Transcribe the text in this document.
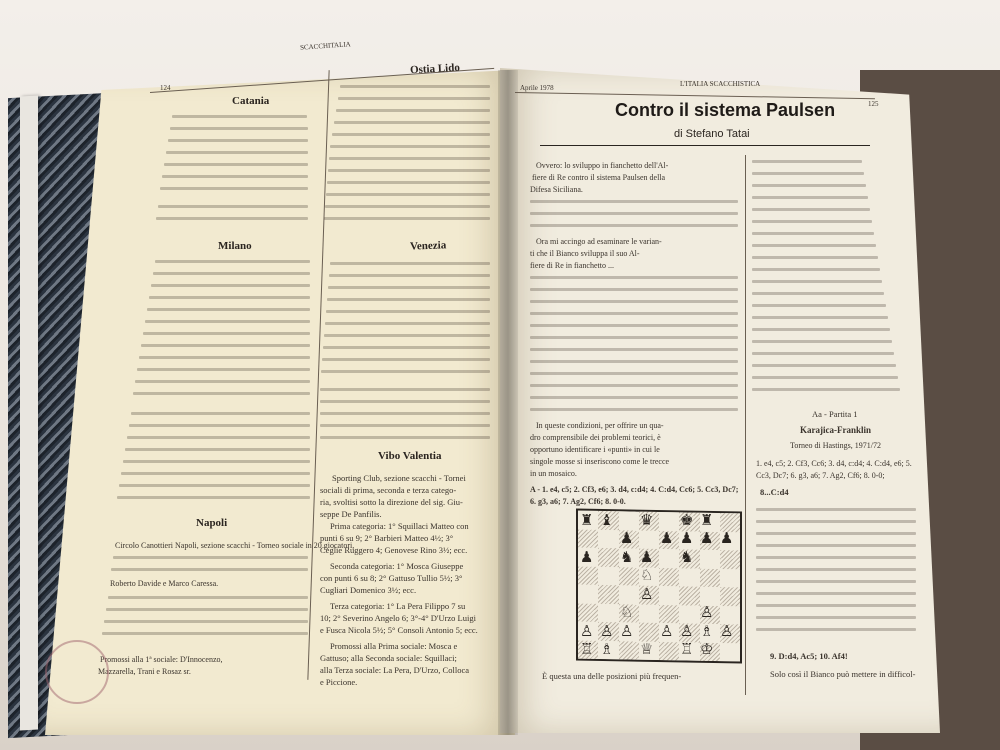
124
SCACCHITALIA
Catania
Ostia Lido
Milano	Venezia
Napoli
Vibo Valentia
Circolo Canottieri Napoli, sezione scacchi - Torneo sociale in 20 giocatori,
Roberto Davide e Marco Caressa.
Promossi alla 1ª sociale: D'Innocenzo,
Mazzarella, Trani e Rosaz sr.
Sporting Club, sezione scacchi - Tornei
sociali di prima, seconda e terza catego-
ria, svoltisi sotto la direzione del sig. Giu-
seppe De Panfilis.
Prima categoria: 1° Squillaci Matteo con
punti 6 su 9; 2° Barbieri Matteo 4½; 3°
Ceglie Ruggero 4; Genovese Rino 3½; ecc.
Seconda categoria: 1° Mosca Giuseppe
con punti 6 su 8; 2° Gattuso Tullio 5½; 3°
Cugliari Domenico 3½; ecc.
Terza categoria: 1° La Pera Filippo 7 su
10; 2° Severino Angelo 6; 3°-4° D'Urzo Luigi
e Fusca Nicola 5½; 5° Consoli Antonio 5; ecc.
Promossi alla Prima sociale: Mosca e
Gattuso; alla Seconda sociale: Squillaci;
alla Terza sociale: La Pera, D'Urzo, Colloca
e Piccione.
Aprile 1978	L'ITALIA SCACCHISTICA
125
Contro il sistema Paulsen
di Stefano Tatai
Ovvero: lo sviluppo in fianchetto dell'Al-
fiere di Re contro il sistema Paulsen della
Difesa Siciliana.
Ora mi accingo ad esaminare le varian-
ti che il Bianco sviluppa il suo Al-
fiere di Re in fianchetto ...
In queste condizioni, per offrire un qua-
dro comprensibile dei problemi teorici, è
opportuno identificare i «punti» in cui le
singole mosse si inseriscono come le trecce
in un mosaico.
A - 1. e4, c5; 2. Cf3, e6; 3. d4, c:d4; 4. C:d4, Cc6; 5. Cc3, Dc7; 6. g3, a6; 7. Ag2, Cf6; 8. 0-0.
♜ ♝ ♛ ♚ ♜
♟ ♟ ♟ ♟ ♟
♟ ♞ ♟ ♞
♘
♙
♘	♙
♙ ♙ ♙ ♙ ♙ ♗ ♙
♖ ♗ ♕ ♖ ♔
È questa una delle posizioni più frequen-
Aa - Partita 1
Karajica-Franklin
Torneo di Hastings, 1971/72
1. e4, c5; 2. Cf3, Cc6; 3. d4, c:d4; 4. C:d4, e6; 5. Cc3, Dc7; 6. g3, a6; 7. Ag2, Cf6; 8. 0-0;
8...C:d4
9. D:d4, Ac5; 10. Af4!
Solo così il Bianco può mettere in difficol-
